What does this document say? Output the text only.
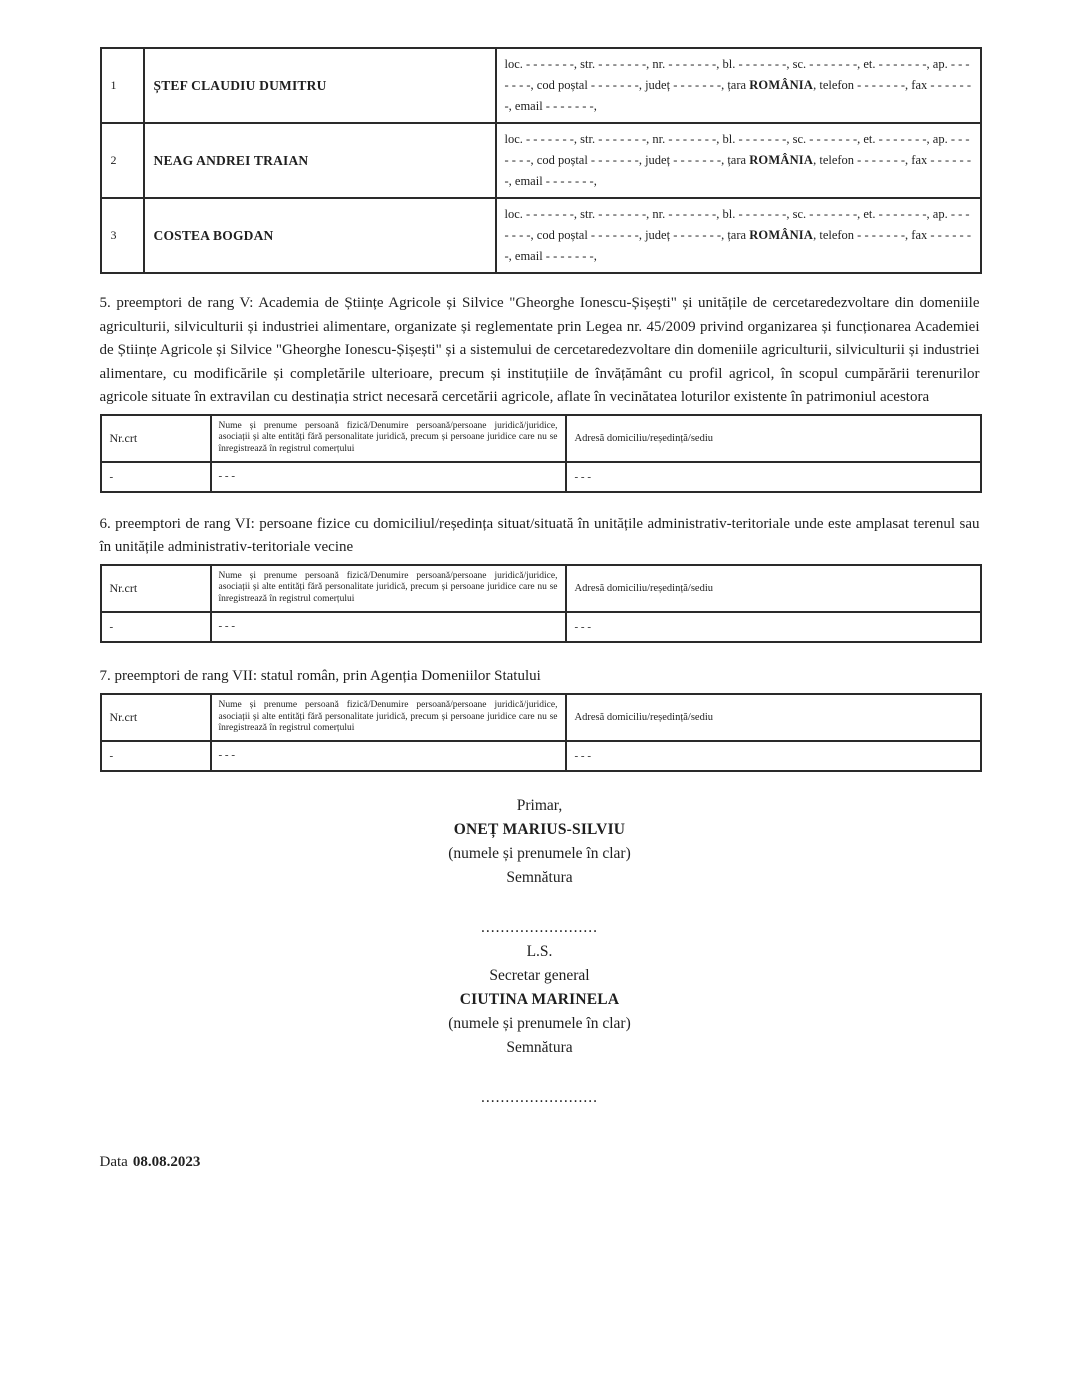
1	ȘTEF CLAUDIU DUMITRU	loc. - - - - - - -, str. - - - - - - -, nr. - - - - - - -, bl. - - - - - - -, sc. - - - - - - -, et. - - - - - - -, ap. - - - - - - -, cod poștal - - - - - - -, județ - - - - - - -, țara ROMÂNIA, telefon - - - - - - -, fax - - - - - - -, email - - - - - - -,
2	NEAG ANDREI TRAIAN	loc. - - - - - - -, str. - - - - - - -, nr. - - - - - - -, bl. - - - - - - -, sc. - - - - - - -, et. - - - - - - -, ap. - - - - - - -, cod poștal - - - - - - -, județ - - - - - - -, țara ROMÂNIA, telefon - - - - - - -, fax - - - - - - -, email - - - - - - -,
3	COSTEA BOGDAN	loc. - - - - - - -, str. - - - - - - -, nr. - - - - - - -, bl. - - - - - - -, sc. - - - - - - -, et. - - - - - - -, ap. - - - - - - -, cod poștal - - - - - - -, județ - - - - - - -, țara ROMÂNIA, telefon - - - - - - -, fax - - - - - - -, email - - - - - - -,

5. preemptori de rang V: Academia de Științe Agricole și Silvice "Gheorghe Ionescu-Șișești" și unitățile de cercetaredezvoltare din domeniile agriculturii, silviculturii și industriei alimentare, organizate și reglementate prin Legea nr. 45/2009 privind organizarea și funcționarea Academiei de Științe Agricole și Silvice "Gheorghe Ionescu-Șișești" și a sistemului de cercetaredezvoltare din domeniile agriculturii, silviculturii și industriei alimentare, cu modificările și completările ulterioare, precum și instituțiile de învățământ cu profil agricol, în scopul cumpărării terenurilor agricole situate în extravilan cu destinația strict necesară cercetării agricole, aflate în vecinătatea loturilor existente în patrimoniul acestora

Nr.crt	Nume și prenume persoană fizică/Denumire persoană/persoane juridică/juridice, asociații și alte entități fără personalitate juridică, precum și persoane juridice care nu se înregistrează în registrul comerțului	Adresă domiciliu/reședință/sediu
-	- - -	- - -

6. preemptori de rang VI: persoane fizice cu domiciliul/reședința situat/situată în unitățile administrativ-teritoriale unde este amplasat terenul sau în unitățile administrativ-teritoriale vecine

Nr.crt	Nume și prenume persoană fizică/Denumire persoană/persoane juridică/juridice, asociații și alte entități fără personalitate juridică, precum și persoane juridice care nu se înregistrează în registrul comerțului	Adresă domiciliu/reședință/sediu
-	- - -	- - -

7. preemptori de rang VII: statul român, prin Agenția Domeniilor Statului

Nr.crt	Nume și prenume persoană fizică/Denumire persoană/persoane juridică/juridice, asociații și alte entități fără personalitate juridică, precum și persoane juridice care nu se înregistrează în registrul comerțului	Adresă domiciliu/reședință/sediu
-	- - -	- - -
Primar,
ONEȚ MARIUS-SILVIU
(numele și prenumele în clar)
Semnătura
........................
L.S.
Secretar general
CIUTINA MARINELA
(numele și prenumele în clar)
Semnătura
........................
Data 08.08.2023
